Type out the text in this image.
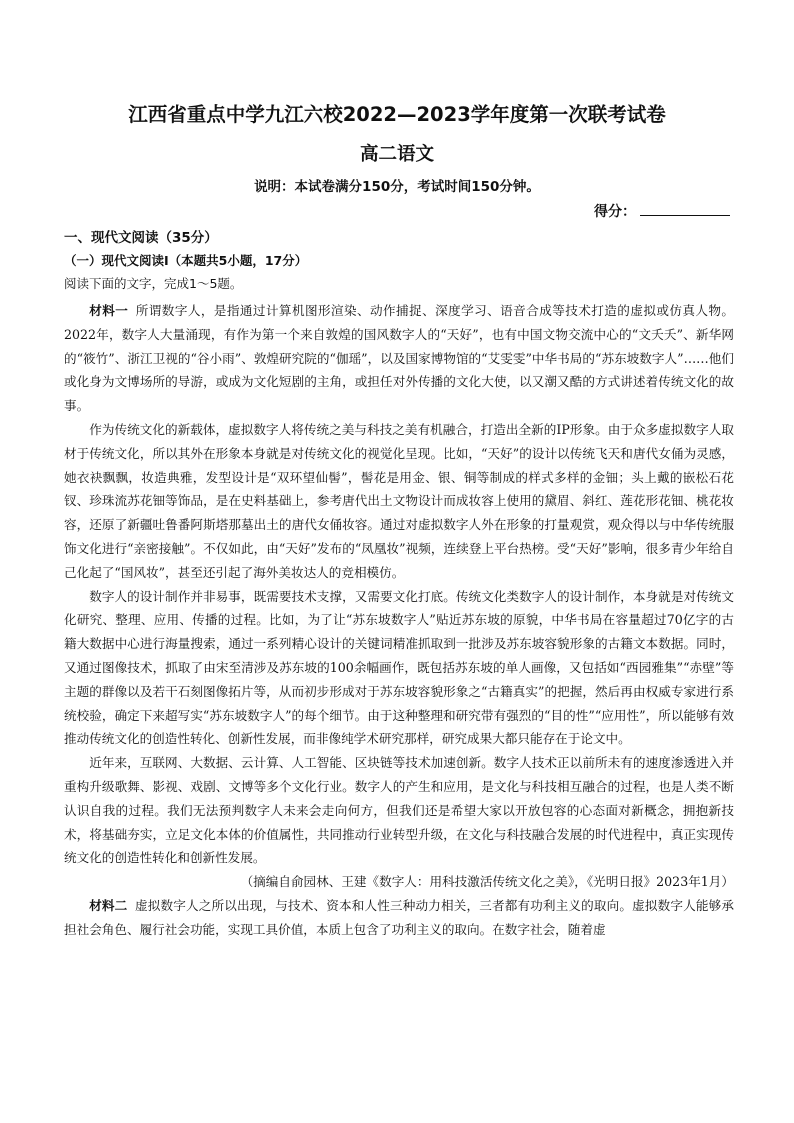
江西省重点中学九江六校2022—2023学年度第一次联考试卷
高二语文
说明：本试卷满分150分，考试时间150分钟。
得分：
一、现代文阅读（35分）
（一）现代文阅读Ⅰ（本题共5小题，17分）
阅读下面的文字，完成1～5题。

材料一 所谓数字人，是指通过计算机图形渲染、动作捕捉、深度学习、语音合成等技术打造的虚拟或仿真人物。2022年，数字人大量涌现，有作为第一个来自敦煌的国风数字人的“天好”，也有中国文物交流中心的“文夭夭”、新华网的“筱竹”、浙江卫视的“谷小雨”、敦煌研究院的“伽瑶”，以及国家博物馆的“艾雯雯”中华书局的“苏东坡数字人”……他们或化身为文博场所的导游，或成为文化短剧的主角，或担任对外传播的文化大使，以又潮又酷的方式讲述着传统文化的故事。

作为传统文化的新载体，虚拟数字人将传统之美与科技之美有机融合，打造出全新的IP形象。由于众多虚拟数字人取材于传统文化，所以其外在形象本身就是对传统文化的视觉化呈现。比如，“天好”的设计以传统飞天和唐代女俑为灵感，她衣袂飘飘，妆造典雅，发型设计是“双环望仙髻”，髻花是用金、银、铜等制成的样式多样的金钿；头上戴的嵌松石花钗、珍珠流苏花钿等饰品，是在史料基础上，参考唐代出土文物设计而成妆容上使用的黛眉、斜红、莲花形花钿、桃花妆容，还原了新疆吐鲁番阿斯塔那墓出土的唐代女俑妆容。通过对虚拟数字人外在形象的打量观赏，观众得以与中华传统服饰文化进行“亲密接触”。不仅如此，由“天好”发布的“凤凰妆”视频，连续登上平台热榜。受“天好”影响，很多青少年给自己化起了“国风妆”，甚至还引起了海外美妆达人的竞相模仿。

数字人的设计制作并非易事，既需要技术支撑，又需要文化打底。传统文化类数字人的设计制作，本身就是对传统文化研究、整理、应用、传播的过程。比如，为了让“苏东坡数字人”贴近苏东坡的原貌，中华书局在容量超过70亿字的古籍大数据中心进行海量搜索，通过一系列精心设计的关键词精准抓取到一批涉及苏东坡容貌形象的古籍文本数据。同时，又通过图像技术，抓取了由宋至清涉及苏东坡的100余幅画作，既包括苏东坡的单人画像，又包括如“西园雅集”“赤壁”等主题的群像以及若干石刻图像拓片等，从而初步形成对于苏东坡容貌形象之“古籍真实”的把握，然后再由权威专家进行系统校验，确定下来超写实“苏东坡数字人”的每个细节。由于这种整理和研究带有强烈的“目的性”“应用性”，所以能够有效推动传统文化的创造性转化、创新性发展，而非像纯学术研究那样，研究成果大都只能存在于论文中。

近年来，互联网、大数据、云计算、人工智能、区块链等技术加速创新。数字人技术正以前所未有的速度渗透进入并重构升级歌舞、影视、戏剧、文博等多个文化行业。数字人的产生和应用，是文化与科技相互融合的过程，也是人类不断认识自我的过程。我们无法预判数字人未来会走向何方，但我们还是希望大家以开放包容的心态面对新概念，拥抱新技术，将基础夯实，立足文化本体的价值属性，共同推动行业转型升级，在文化与科技融合发展的时代进程中，真正实现传统文化的创造性转化和创新性发展。

（摘编自俞园林、王建《数字人：用科技激活传统文化之美》，《光明日报》2023年1月）

材料二 虚拟数字人之所以出现，与技术、资本和人性三种动力相关，三者都有功利主义的取向。虚拟数字人能够承担社会角色、履行社会功能，实现工具价值，本质上包含了功利主义的取向。在数字社会，随着虚
